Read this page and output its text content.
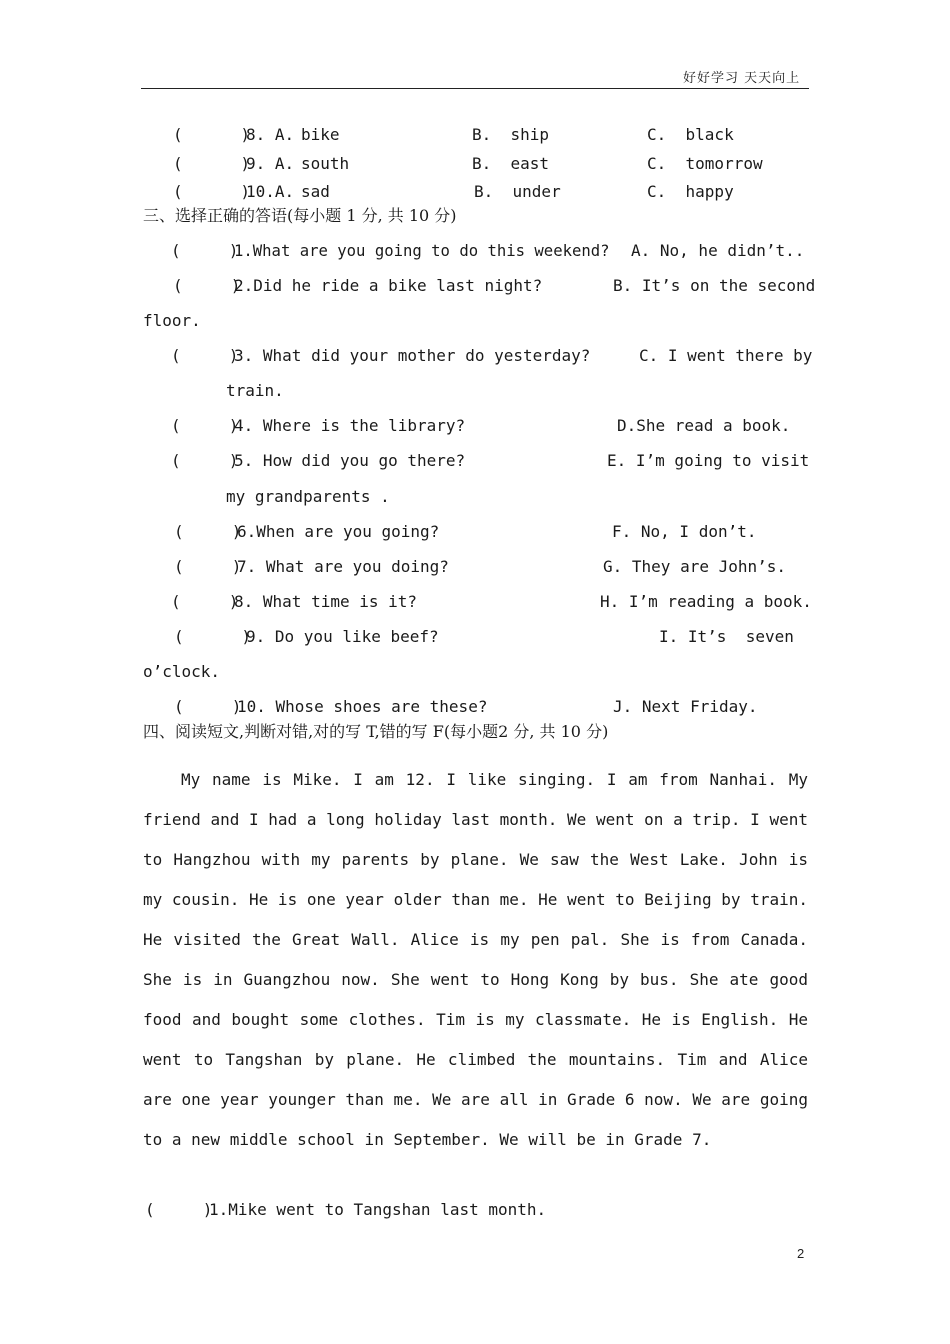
好好学习 天天向上
(      )
8. A. bike	B.  ship	C.  black
(      )
9. A. south	B.  east	C.  tomorrow
(      )
10.A. sad	B.  under	C.  happy
三、选择正确的答语(每小题 1 分, 共 10 分)
(     )
1.What are you going to do this weekend? A. No, he didn’t..
(     )
2.Did he ride a bike last night?	B. It’s on the second
floor.
(     )
3. What did your mother do yesterday?	C. I went there by
train.
(     )
4. Where is the library?	D.She read a book.
(     )
5. How did you go there?	E. I’m going to visit
my grandparents .
(     )
6.When are you going?	F. No, I don’t.
(     )
7. What are you doing?	G. They are John’s.
(     )
8. What time is it?	H. I’m reading a book.
(      )
9. Do you like beef?	I. It’s  seven
o’clock.
(     )
10. Whose shoes are these?	J. Next Friday.
四、阅读短文,判断对错,对的写 T,错的写 F(每小题2 分, 共 10 分)
My name is Mike. I am 12. I like singing. I am from Nanhai. My friend and I had a long holiday last month. We went on a trip. I went to Hangzhou with my parents by plane. We saw the West Lake. John is my cousin. He is one year older than me. He went to Beijing by train. He visited the Great Wall. Alice is my pen pal. She is from Canada. She is in Guangzhou now. She went to Hong Kong by bus. She ate good food and bought some clothes. Tim is my classmate. He is English. He went to Tangshan by plane. He climbed the mountains. Tim and Alice are one year younger than me. We are all in Grade 6 now. We are going to a new middle school in September. We will be in Grade 7.
(     )
1.Mike went to Tangshan last month.
2
